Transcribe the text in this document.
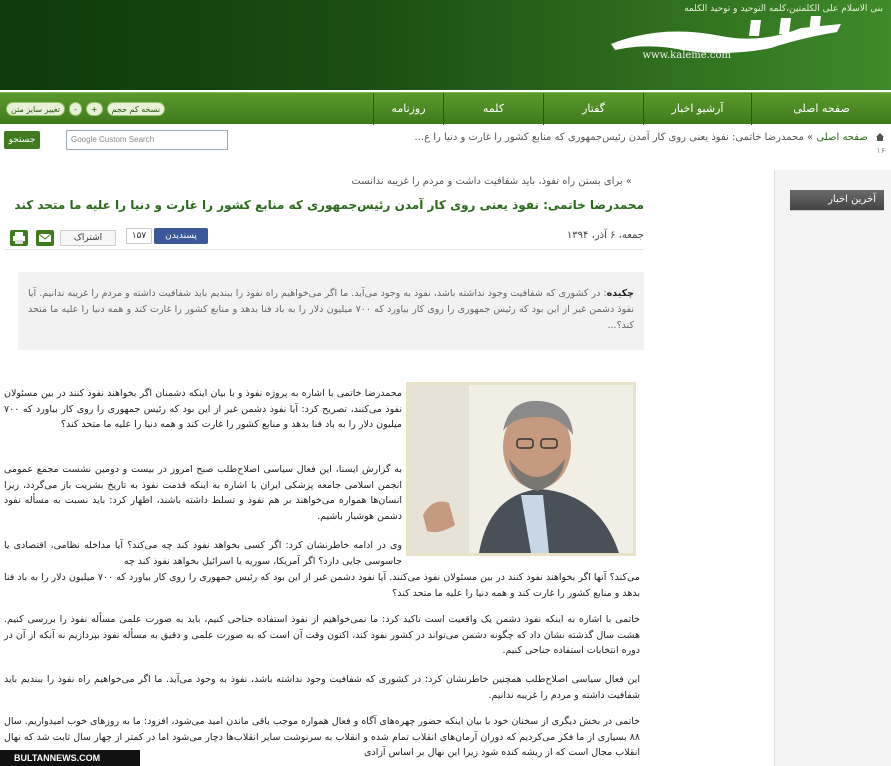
بنی الاسلام علی الکلمتین،کلمه التوحید و توحید الکلمه
www.kaleme.com
صفحه اصلی
آرشیو اخبار
گفتار
کلمه
روزنامه
تغییر سایز متن	-	+	نسخه کم حجم
جستجو	Google Custom Search	صفحه اصلی » محمدرضا خاتمی: نفوذ یعنی روی کار آمدن رئیس‌جمهوری که منابع کشور را غارت و دنیا را ع...
۱۶
آخرین اخبار
» برای بستن راه نفوذ، باید شفافیت داشت و مردم را غریبه ندانست
محمدرضا خاتمی: نفوذ یعنی روی کار آمدن رئیس‌جمهوری که منابع کشور را غارت و دنیا را علیه ما متحد کند
جمعه، ۶ آذر، ۱۳۹۴
پسندیدن
۱۵۷
اشتراک
چکیده: در کشوری که شفافیت وجود نداشته باشد، نفوذ به وجود می‌آید. ما اگر می‌خواهیم راه نفوذ را ببندیم باید شفافیت داشته و مردم را غریبه ندانیم. آیا نفوذ دشمن غیر از این بود که رئیس جمهوری را روی کار بیاورد که ۷۰۰ میلیون دلار را به باد فنا بدهد و منابع کشور را غارت کند و همه دنیا را علیه ما متحد کند؟...
محمدرضا خاتمی با اشاره به پروژه نفوذ و با بیان اینکه دشمنان اگر بخواهند نفوذ کنند در بین مسئولان نفوذ می‌کنند، تصریح کرد: آیا نفوذ دشمن غیر از این بود که رئیس جمهوری را روی کار بیاورد که ۷۰۰ میلیون دلار را به باد فنا بدهد و منابع کشور را غارت کند و همه دنیا را علیه ما متحد کند؟
به گزارش ایسنا، این فعال سیاسی اصلاح‌طلب صبح امروز در بیست و دومین نشست مجمع عمومی انجمن اسلامی جامعه پزشکی ایران با اشاره به اینکه قدمت نفوذ به تاریخ بشریت باز می‌گردد، زیرا انسان‌ها همواره می‌خواهند بر هم نفوذ و تسلط داشته باشند، اظهار کرد: باید نسبت به مسأله نفوذ دشمن هوشیار باشیم.
وی در ادامه خاطرنشان کرد: اگر کسی بخواهد نفوذ کند چه می‌کند؟ آیا مداخله نظامی، اقتصادی یا جاسوسی جایی دارد؟ اگر آمریکا، سوریه یا اسرائیل بخواهد نفوذ کند چه
می‌کند؟ آنها اگر بخواهند نفوذ کنند در بین مسئولان نفوذ می‌کنند. آیا نفوذ دشمن غیر از این بود که رئیس جمهوری را روی کار بیاورد که ۷۰۰ میلیون دلار را به باد فنا بدهد و منابع کشور را غارت کند و همه دنیا را علیه ما متحد کند؟
خاتمی با اشاره به اینکه نفوذ دشمن یک واقعیت است تاکید کرد: ما نمی‌خواهیم از نفوذ استفاده جناحی کنیم، باید به صورت علمی مسأله نفوذ را بررسی کنیم. هشت سال گذشته نشان داد که چگونه دشمن می‌تواند در کشور نفوذ کند، اکنون وقت آن است که به صورت علمی و دقیق به مسأله نفوذ بپردازیم نه آنکه از آن در دوره انتخابات استفاده جناحی کنیم.
این فعال سیاسی اصلاح‌طلب همچنین خاطرنشان کرد: در کشوری که شفافیت وجود نداشته باشد، نفوذ به وجود می‌آید. ما اگر می‌خواهیم راه نفوذ را ببندیم باید شفافیت داشته و مردم را غریبه ندانیم.
خاتمی در بخش دیگری از سخنان خود با بیان اینکه حضور چهره‌های آگاه و فعال همواره موجب باقی ماندن امید می‌شود، افزود: ما به روزهای خوب امیدواریم. سال ۸۸ بسیاری از ما فکر می‌کردیم که دوران آرمان‌های انقلاب تمام شده و انقلاب به سرنوشت سایر انقلاب‌ها دچار می‌شود اما در کمتر از چهار سال ثابت شد که نهال انقلاب مجال است که از ریشه کنده شود زیرا این نهال بر اساس آزادی
BULTANNEWS.COM
